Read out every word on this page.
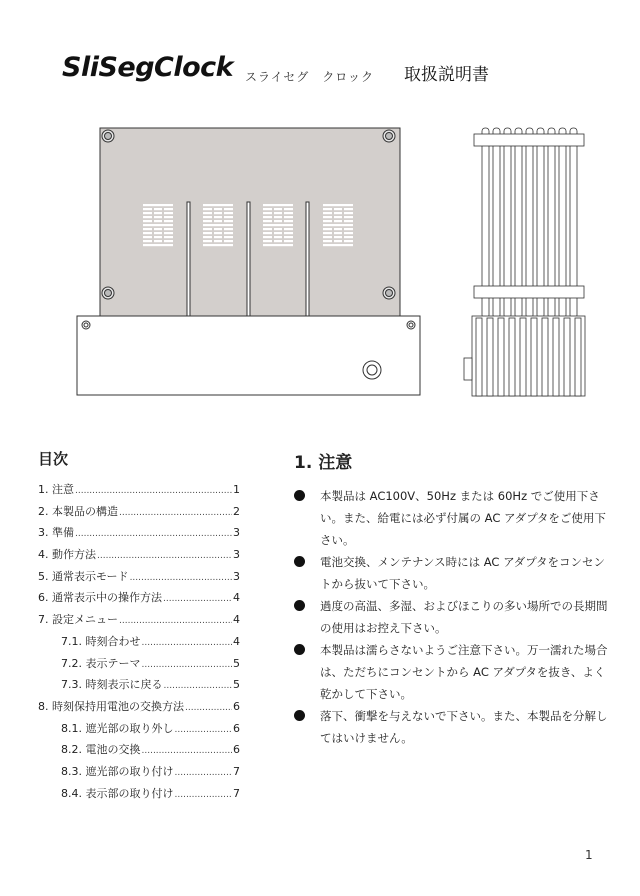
SliSegClock スライセグ　クロック 取扱説明書
目次
1. 注意 .....	1
2. 本製品の構造 .....	2
3. 準備 .....	3
4. 動作方法 .....	3
5. 通常表示モード .....	3
6. 通常表示中の操作方法 .....	4
7. 設定メニュー .....	4
7.1. 時刻合わせ .....	4
7.2. 表示テーマ .....	5
7.3. 時刻表示に戻る .....	5
8. 時刻保持用電池の交換方法 .....	6
8.1. 遮光部の取り外し .....	6
8.2. 電池の交換 .....	6
8.3. 遮光部の取り付け .....	7
8.4. 表示部の取り付け .....	7
1. 注意
本製品は AC100V、50Hz または 60Hz でご使用下さい。また、給電には必ず付属の AC アダプタをご使用下さい。
電池交換、メンテナンス時には AC アダプタをコンセントから抜いて下さい。
過度の高温、多湿、およびほこりの多い場所での長期間の使用はお控え下さい。
本製品は濡らさないようご注意下さい。万一濡れた場合は、ただちにコンセントから AC アダプタを抜き、よく乾かして下さい。
落下、衝撃を与えないで下さい。また、本製品を分解してはいけません。
1
